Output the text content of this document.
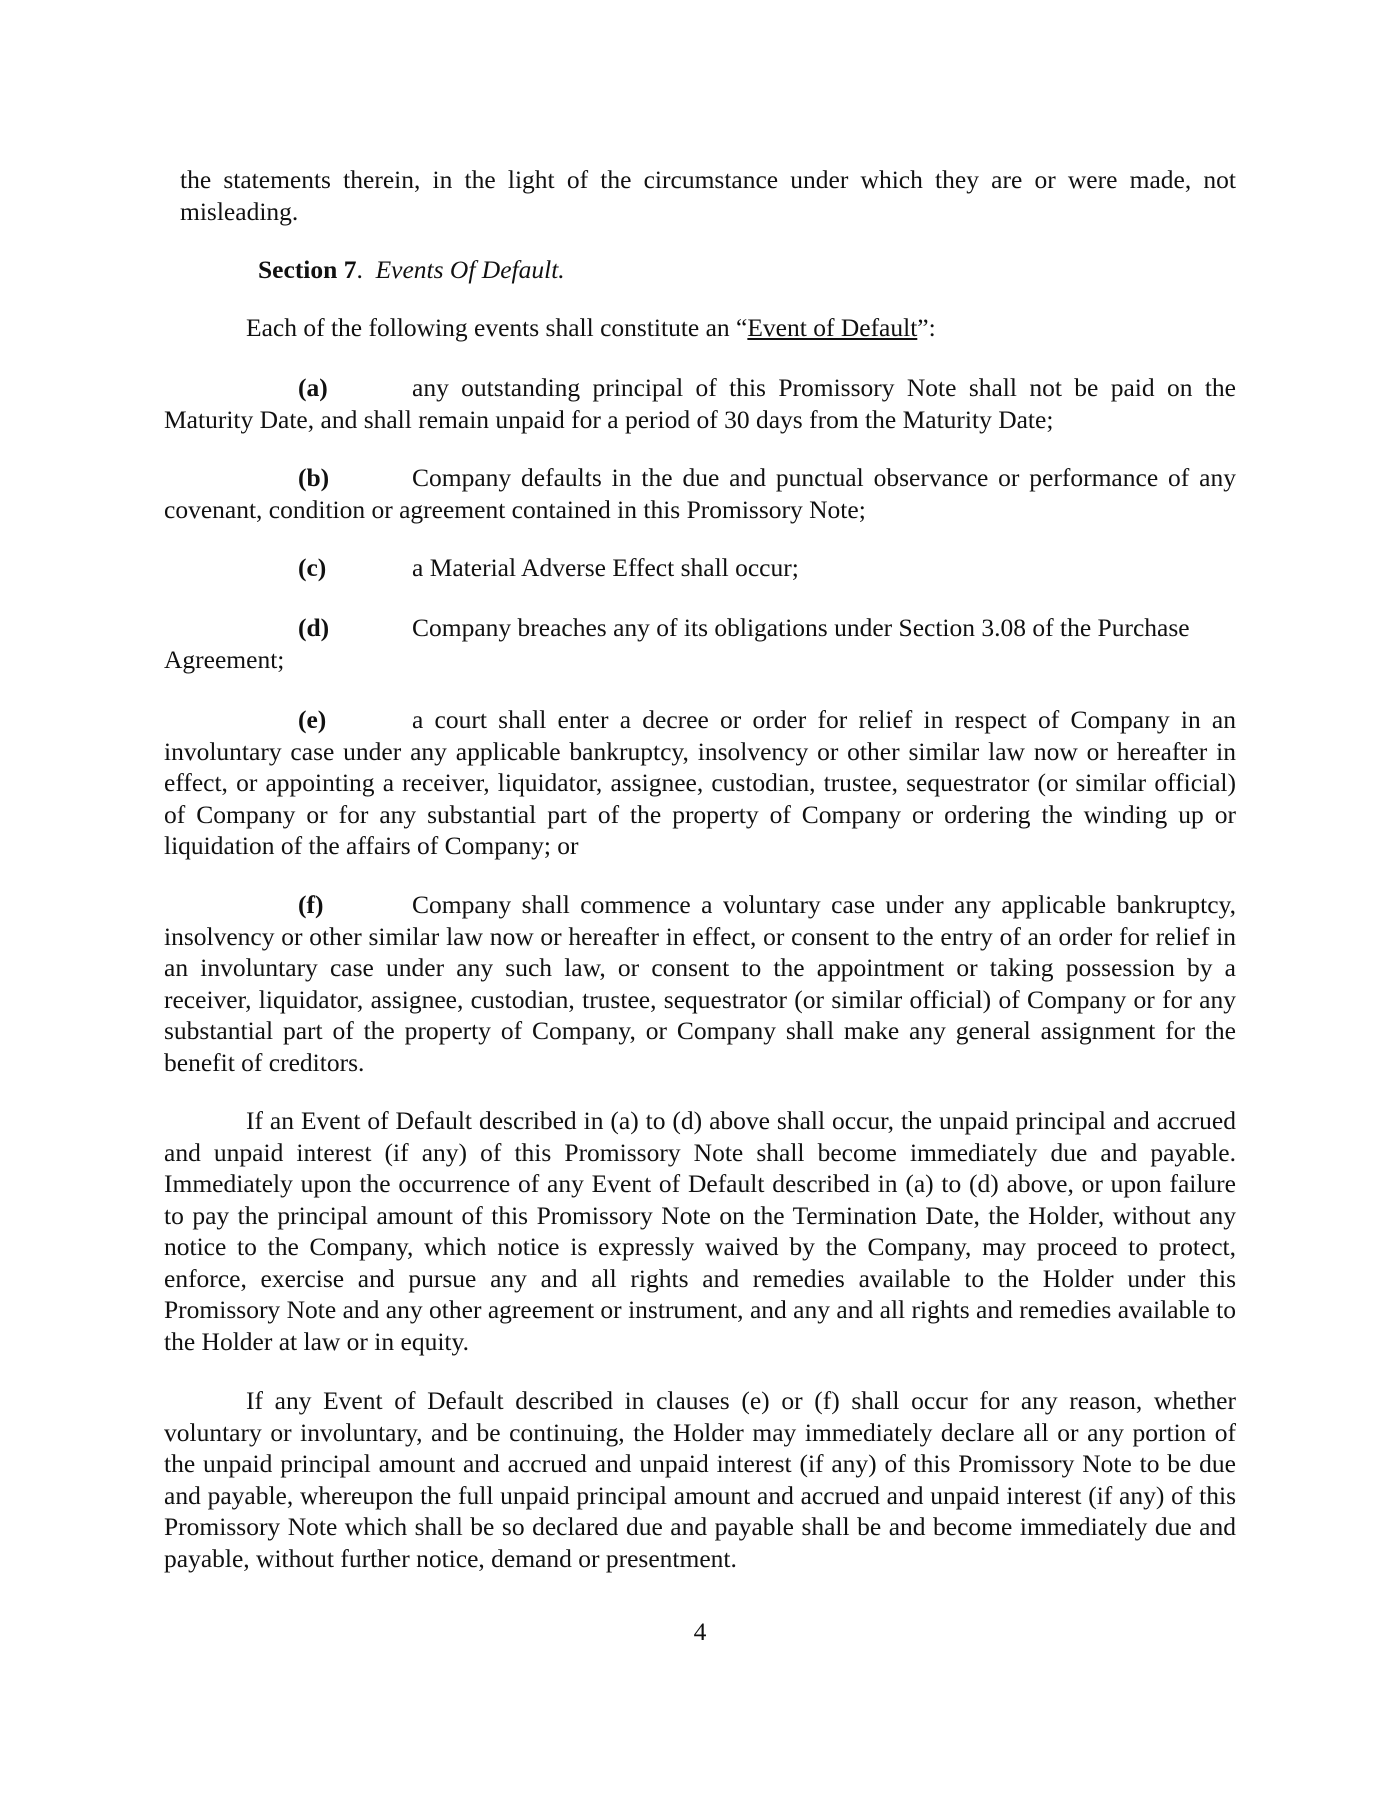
the statements therein, in the light of the circumstance under which they are or were made, not misleading.

Section 7. Events Of Default.

Each of the following events shall constitute an “Event of Default”:

(a)	any outstanding principal of this Promissory Note shall not be paid on the Maturity Date, and shall remain unpaid for a period of 30 days from the Maturity Date;

(b)	Company defaults in the due and punctual observance or performance of any covenant, condition or agreement contained in this Promissory Note;

(c)	a Material Adverse Effect shall occur;

(d)	Company breaches any of its obligations under Section 3.08 of the Purchase
Agreement;

(e)	a court shall enter a decree or order for relief in respect of Company in an involuntary case under any applicable bankruptcy, insolvency or other similar law now or hereafter in effect, or appointing a receiver, liquidator, assignee, custodian, trustee, sequestrator (or similar official) of Company or for any substantial part of the property of Company or ordering the winding up or liquidation of the affairs of Company; or

(f)	Company shall commence a voluntary case under any applicable bankruptcy, insolvency or other similar law now or hereafter in effect, or consent to the entry of an order for relief in an involuntary case under any such law, or consent to the appointment or taking possession by a receiver, liquidator, assignee, custodian, trustee, sequestrator (or similar official) of Company or for any substantial part of the property of Company, or Company shall make any general assignment for the benefit of creditors.

If an Event of Default described in (a) to (d) above shall occur, the unpaid principal and accrued and unpaid interest (if any) of this Promissory Note shall become immediately due and payable. Immediately upon the occurrence of any Event of Default described in (a) to (d) above, or upon failure to pay the principal amount of this Promissory Note on the Termination Date, the Holder, without any notice to the Company, which notice is expressly waived by the Company, may proceed to protect, enforce, exercise and pursue any and all rights and remedies available to the Holder under this Promissory Note and any other agreement or instrument, and any and all rights and remedies available to the Holder at law or in equity.

If any Event of Default described in clauses (e) or (f) shall occur for any reason, whether voluntary or involuntary, and be continuing, the Holder may immediately declare all or any portion of the unpaid principal amount and accrued and unpaid interest (if any) of this Promissory Note to be due and payable, whereupon the full unpaid principal amount and accrued and unpaid interest (if any) of this Promissory Note which shall be so declared due and payable shall be and become immediately due and payable, without further notice, demand or presentment.

4
